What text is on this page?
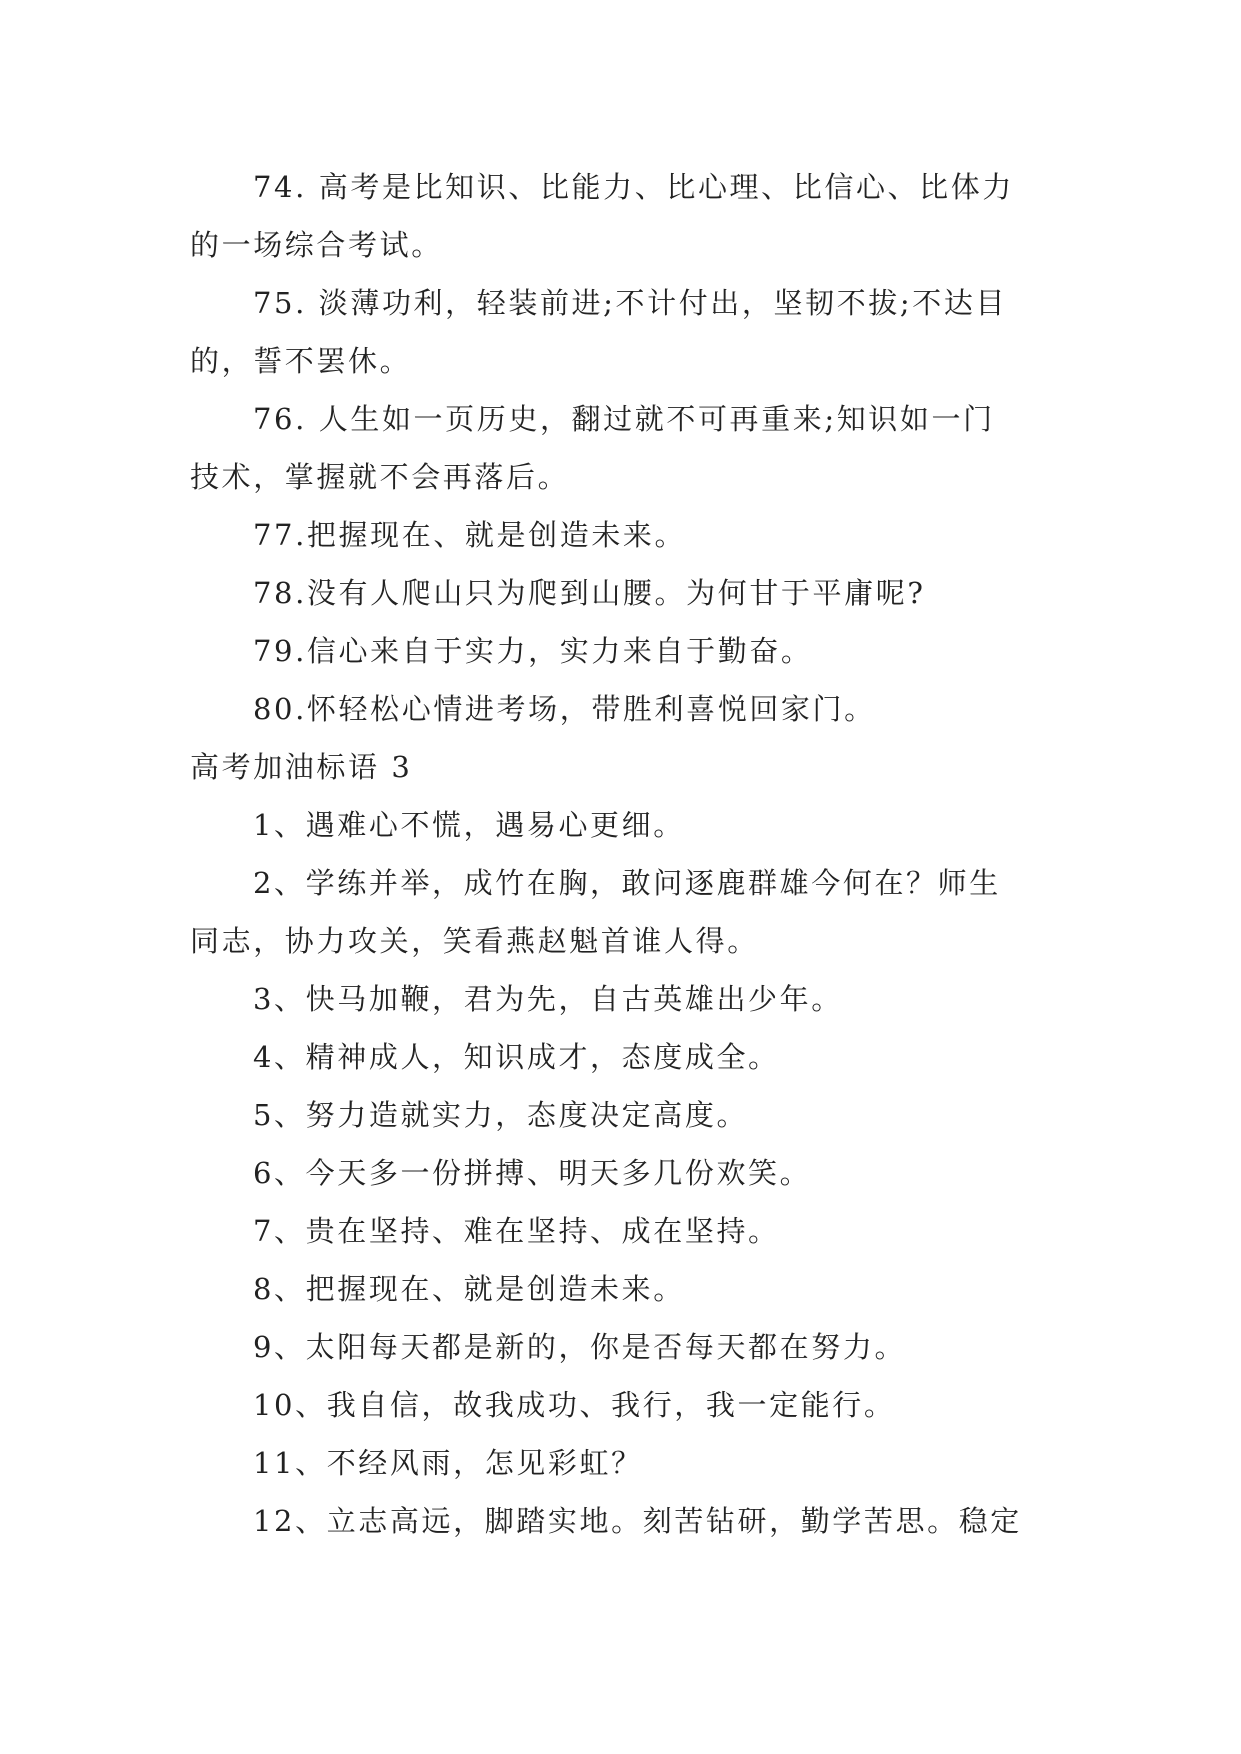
74. 高考是比知识、比能力、比心理、比信心、比体力

的一场综合考试。

75. 淡薄功利，轻装前进;不计付出，坚韧不拔;不达目

的，誓不罢休。

76. 人生如一页历史，翻过就不可再重来;知识如一门

技术，掌握就不会再落后。

77.把握现在、就是创造未来。

78.没有人爬山只为爬到山腰。为何甘于平庸呢?

79.信心来自于实力，实力来自于勤奋。

80.怀轻松心情进考场，带胜利喜悦回家门。

高考加油标语 3

1、遇难心不慌，遇易心更细。

2、学练并举，成竹在胸，敢问逐鹿群雄今何在？师生

同志，协力攻关，笑看燕赵魁首谁人得。

3、快马加鞭，君为先，自古英雄出少年。

4、精神成人，知识成才，态度成全。

5、努力造就实力，态度决定高度。

6、今天多一份拼搏、明天多几份欢笑。

7、贵在坚持、难在坚持、成在坚持。

8、把握现在、就是创造未来。

9、太阳每天都是新的，你是否每天都在努力。

10、我自信，故我成功、我行，我一定能行。

11、不经风雨，怎见彩虹？

12、立志高远，脚踏实地。刻苦钻研，勤学苦思。稳定
